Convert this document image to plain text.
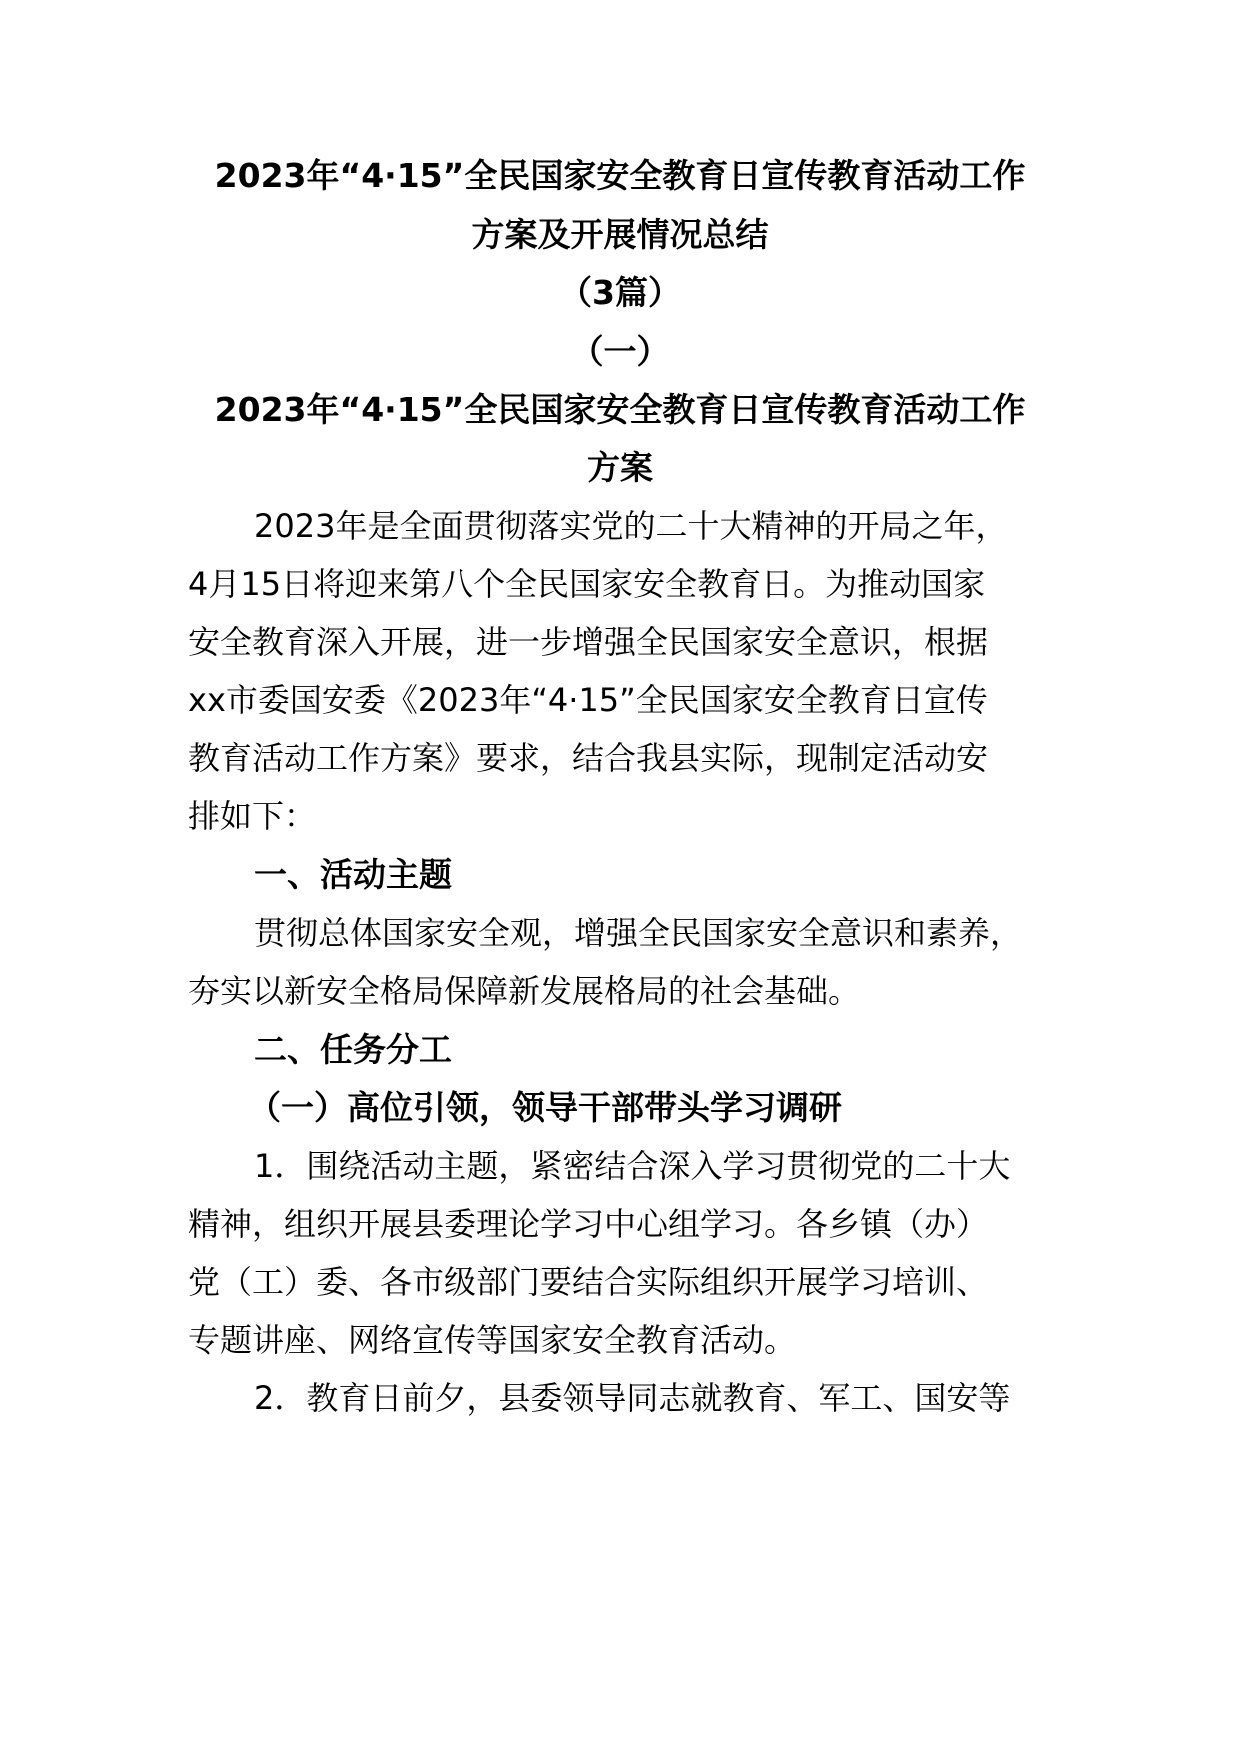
2023年“4·15”全民国家安全教育日宣传教育活动工作
方案及开展情况总结
（3篇）
（一）
2023年“4·15”全民国家安全教育日宣传教育活动工作
方案
2023年是全面贯彻落实党的二十大精神的开局之年，
4月15日将迎来第八个全民国家安全教育日。为推动国家
安全教育深入开展，进一步增强全民国家安全意识，根据
xx市委国安委《2023年“4·15”全民国家安全教育日宣传
教育活动工作方案》要求，结合我县实际，现制定活动安
排如下：
一、活动主题
贯彻总体国家安全观，增强全民国家安全意识和素养，
夯实以新安全格局保障新发展格局的社会基础。
二、任务分工
（一）高位引领，领导干部带头学习调研
1．围绕活动主题，紧密结合深入学习贯彻党的二十大
精神，组织开展县委理论学习中心组学习。各乡镇（办）
党（工）委、各市级部门要结合实际组织开展学习培训、
专题讲座、网络宣传等国家安全教育活动。
2．教育日前夕，县委领导同志就教育、军工、国安等
